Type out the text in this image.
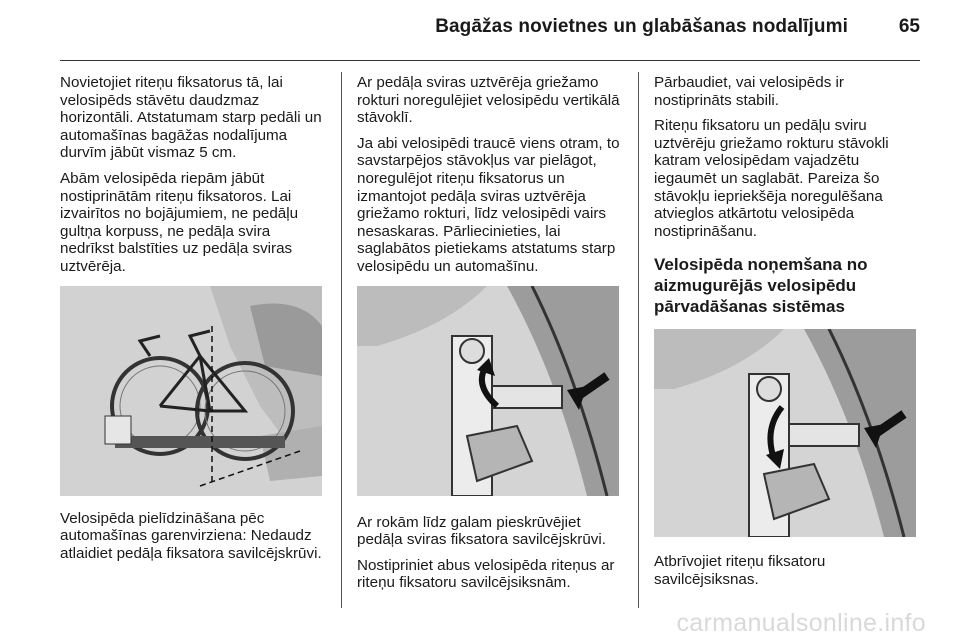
Bagāžas novietnes un glabāšanas nodalījumi	65

Novietojiet riteņu fiksatorus tā, lai velosipēds stāvētu daudzmaz horizontāli. Atstatumam starp pedāli un automašīnas bagāžas nodalījuma durvīm jābūt vismaz 5 cm.

Abām velosipēda riepām jābūt nostiprinātām riteņu fiksatoros. Lai izvairītos no bojājumiem, ne pedāļu gultņa korpuss, ne pedāļa svira nedrīkst balstīties uz pedāļa sviras uztvērēja.

Velosipēda pielīdzināšana pēc automašīnas garenvirziena: Nedaudz atlaidiet pedāļa fiksatora savilcējskrūvi.

Ar pedāļa sviras uztvērēja griežamo rokturi noregulējiet velosipēdu vertikālā stāvoklī.

Ja abi velosipēdi traucē viens otram, to savstarpējos stāvokļus var pielāgot, noregulējot riteņu fiksatorus un izmantojot pedāļa sviras uztvērēja griežamo rokturi, līdz velosipēdi vairs nesaskaras. Pārliecinieties, lai saglabātos pietiekams atstatums starp velosipēdu un automašīnu.

Ar rokām līdz galam pieskrūvējiet pedāļa sviras fiksatora savilcējskrūvi.

Nostipriniet abus velosipēda riteņus ar riteņu fiksatoru savilcējsiksnām.

Pārbaudiet, vai velosipēds ir nostiprināts stabili.

Riteņu fiksatoru un pedāļu sviru uztvērēju griežamo rokturu stāvokli katram velosipēdam vajadzētu iegaumēt un saglabāt. Pareiza šo stāvokļu iepriekšēja noregulēšana atvieglos atkārtotu velosipēda nostiprināšanu.

Velosipēda noņemšana no aizmugurējās velosipēdu pārvadāšanas sistēmas

Atbrīvojiet riteņu fiksatoru savilcējsiksnas.

carmanualsonline.info
